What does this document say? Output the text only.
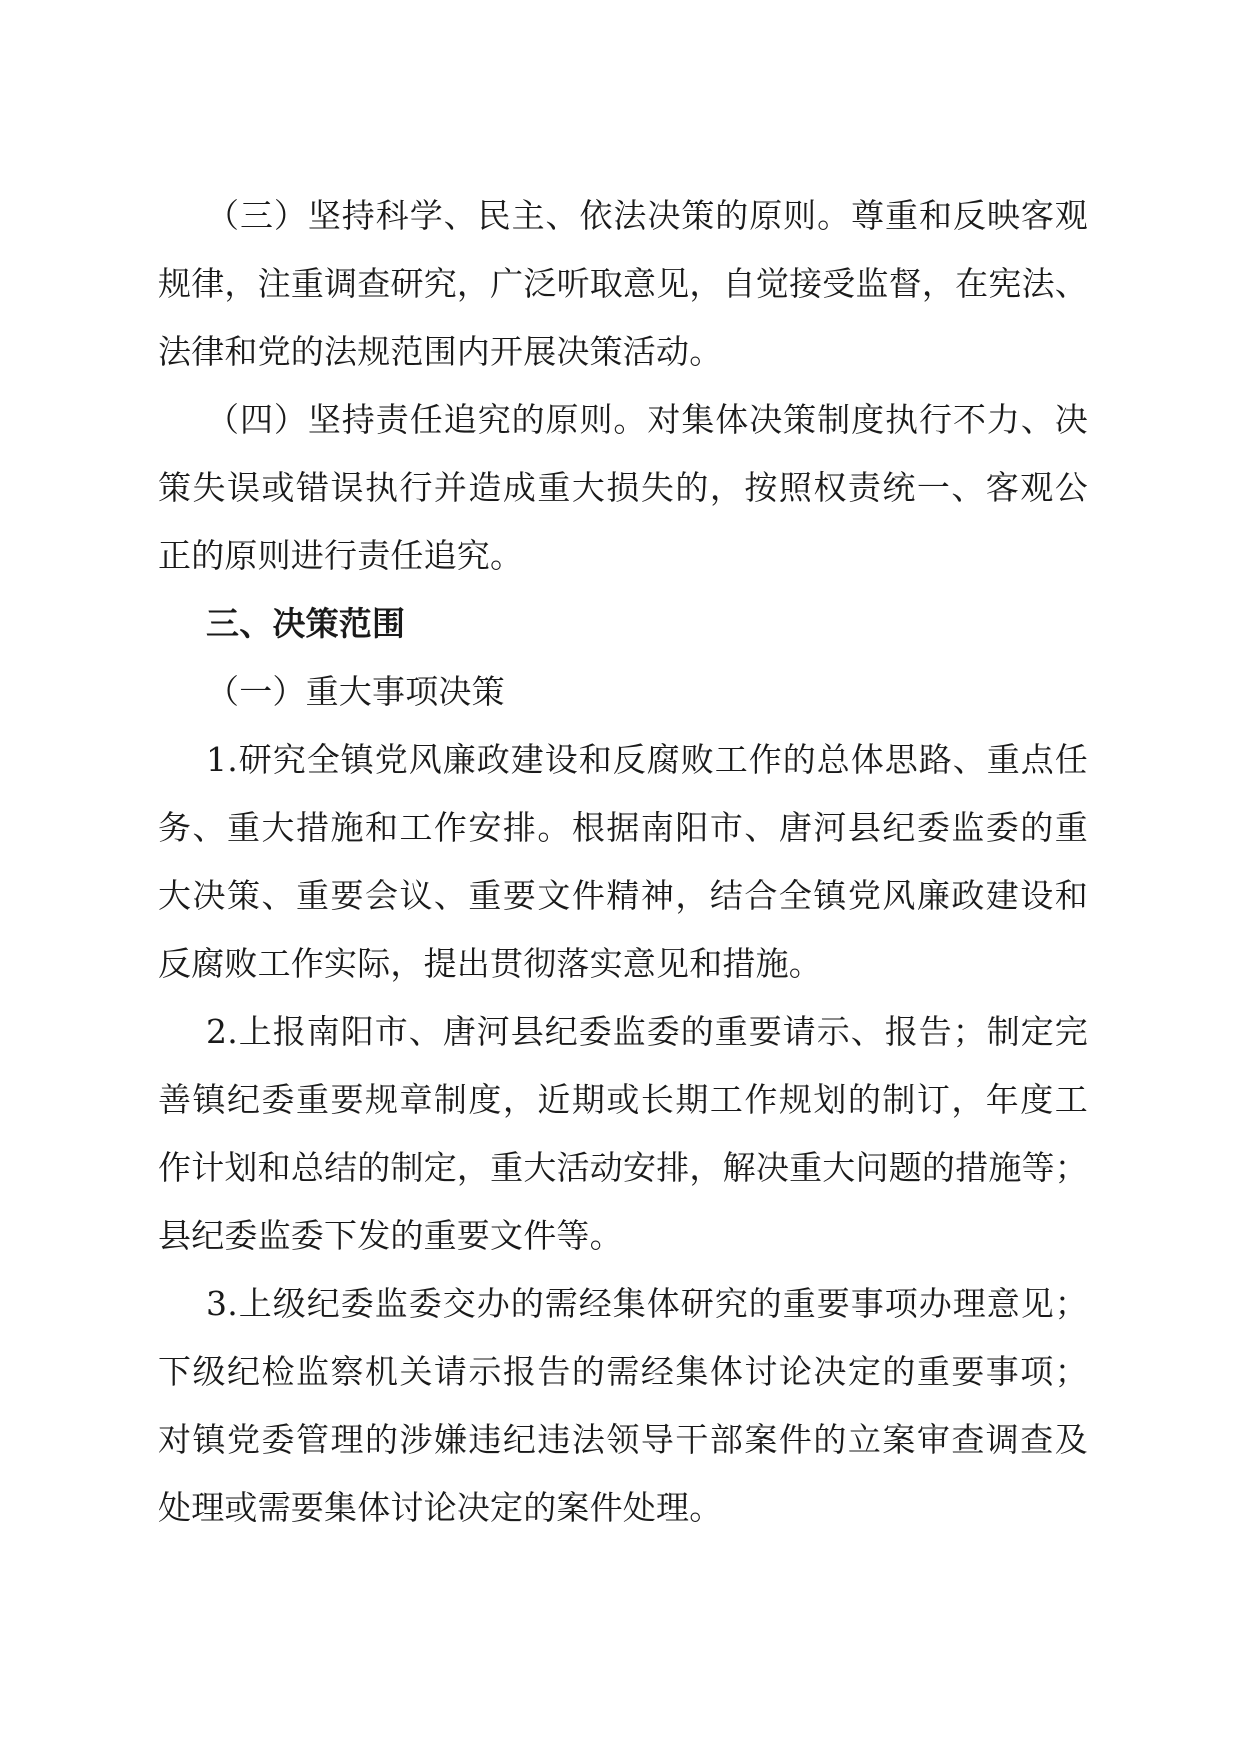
（三）坚持科学、民主、依法决策的原则。尊重和反映客观
规律，注重调查研究，广泛听取意见，自觉接受监督，在宪法、
法律和党的法规范围内开展决策活动。
（四）坚持责任追究的原则。对集体决策制度执行不力、决
策失误或错误执行并造成重大损失的，按照权责统一、客观公
正的原则进行责任追究。
三、决策范围
（一）重大事项决策
1.研究全镇党风廉政建设和反腐败工作的总体思路、重点任
务、重大措施和工作安排。根据南阳市、唐河县纪委监委的重
大决策、重要会议、重要文件精神，结合全镇党风廉政建设和
反腐败工作实际，提出贯彻落实意见和措施。
2.上报南阳市、唐河县纪委监委的重要请示、报告；制定完
善镇纪委重要规章制度，近期或长期工作规划的制订，年度工
作计划和总结的制定，重大活动安排，解决重大问题的措施等；
县纪委监委下发的重要文件等。
3.上级纪委监委交办的需经集体研究的重要事项办理意见；
下级纪检监察机关请示报告的需经集体讨论决定的重要事项；
对镇党委管理的涉嫌违纪违法领导干部案件的立案审查调查及
处理或需要集体讨论决定的案件处理。
